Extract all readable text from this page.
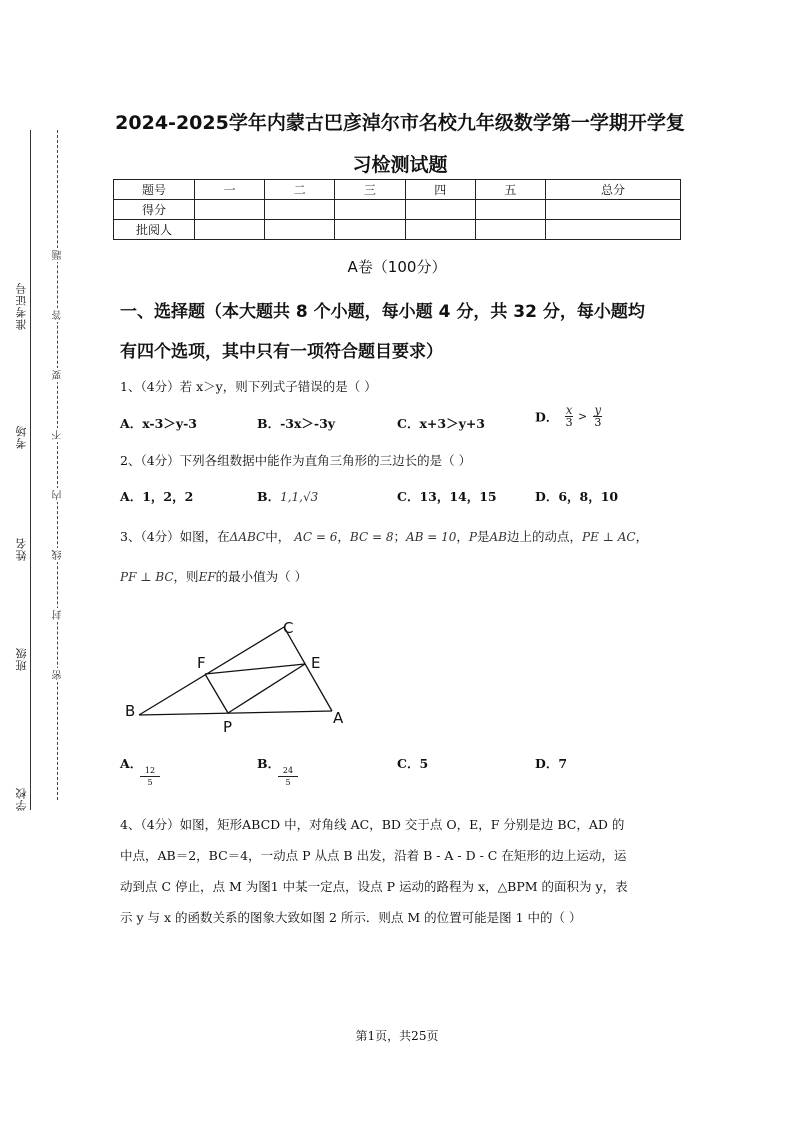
准考证号
考场
姓名
班级
学校
题
答
要
不
内
线
封
密
2024-2025学年内蒙古巴彦淖尔市名校九年级数学第一学期开学复
习检测试题
题号	一	二	三	四	五	总分
得分						
批阅人						
A卷（100分）
一、选择题（本大题共 8 个小题，每小题 4 分，共 32 分，每小题均
有四个选项，其中只有一项符合题目要求）
1、（4分）若 x＞y，则下列式子错误的是（ ）
A．x-3＞y-3	B．-3x＞-3y	C．x+3＞y+3	D． $\frac{x}{3} > \frac{y}{3}$
2、（4分）下列各组数据中能作为直角三角形的三边长的是（ ）
A．1，2，2	B．1,1,√3	C．13，14，15	D．6，8，10
3、（4分）如图，在ΔABC中， AC = 6，BC = 8；AB = 10，P是AB边上的动点，PE ⊥ AC，
PF ⊥ BC，则EF的最小值为（ ）
C
F	E
B
P	A
A．
$\frac{12}{5}$
B．
$\frac{24}{5}$
C．5	D．7
4、（4分）如图，矩形ABCD 中，对角线 AC，BD 交于点 O，E，F 分别是边 BC，AD 的
中点，AB＝2，BC＝4，一动点 P 从点 B 出发，沿着 B - A - D - C 在矩形的边上运动，运
动到点 C 停止，点 M 为图1 中某一定点，设点 P 运动的路程为 x，△BPM 的面积为 y，表
示 y 与 x 的函数关系的图象大致如图 2 所示．则点 M 的位置可能是图 1 中的（ ）
第1页，共25页
